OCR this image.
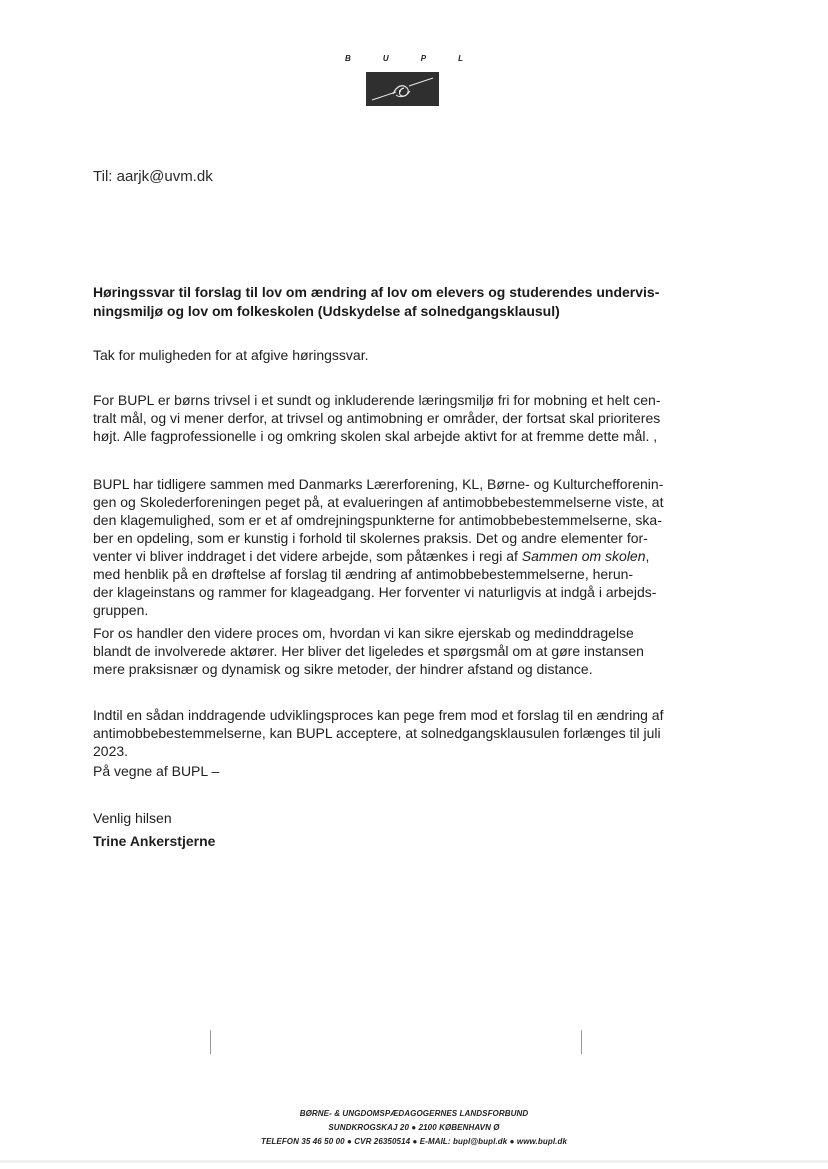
B	U	P	L
Til: aarjk@uvm.dk
Høringssvar til forslag til lov om ændring af lov om elevers og studerendes undervis-
ningsmiljø og lov om folkeskolen (Udskydelse af solnedgangsklausul)
Tak for muligheden for at afgive høringssvar.
For BUPL er børns trivsel i et sundt og inkluderende læringsmiljø fri for mobning et helt cen-
tralt mål, og vi mener derfor, at trivsel og antimobning er områder, der fortsat skal prioriteres
højt. Alle fagprofessionelle i og omkring skolen skal arbejde aktivt for at fremme dette mål. ,
BUPL har tidligere sammen med Danmarks Lærerforening, KL, Børne- og Kulturchefforenin-
gen og Skolederforeningen peget på, at evalueringen af antimobbebestemmelserne viste, at
den klagemulighed, som er et af omdrejningspunkterne for antimobbebestemmelserne, ska-
ber en opdeling, som er kunstig i forhold til skolernes praksis. Det og andre elementer for-
venter vi bliver inddraget i det videre arbejde, som påtænkes i regi af Sammen om skolen,
med henblik på en drøftelse af forslag til ændring af antimobbebestemmelserne, herun-
der klageinstans og rammer for klageadgang. Her forventer vi naturligvis at indgå i arbejds-
gruppen.
For os handler den videre proces om, hvordan vi kan sikre ejerskab og medinddragelse
blandt de involverede aktører. Her bliver det ligeledes et spørgsmål om at gøre instansen
mere praksisnær og dynamisk og sikre metoder, der hindrer afstand og distance.
Indtil en sådan inddragende udviklingsproces kan pege frem mod et forslag til en ændring af
antimobbebestemmelserne, kan BUPL acceptere, at solnedgangsklausulen forlænges til juli
2023.
På vegne af BUPL –
Venlig hilsen
Trine Ankerstjerne
BØRNE- & UNGDOMSPÆDAGOGERNES LANDSFORBUND
SUNDKROGSKAJ 20 ● 2100 KØBENHAVN Ø
TELEFON 35 46 50 00 ● CVR 26350514 ● E-MAIL: bupl@bupl.dk ● www.bupl.dk
